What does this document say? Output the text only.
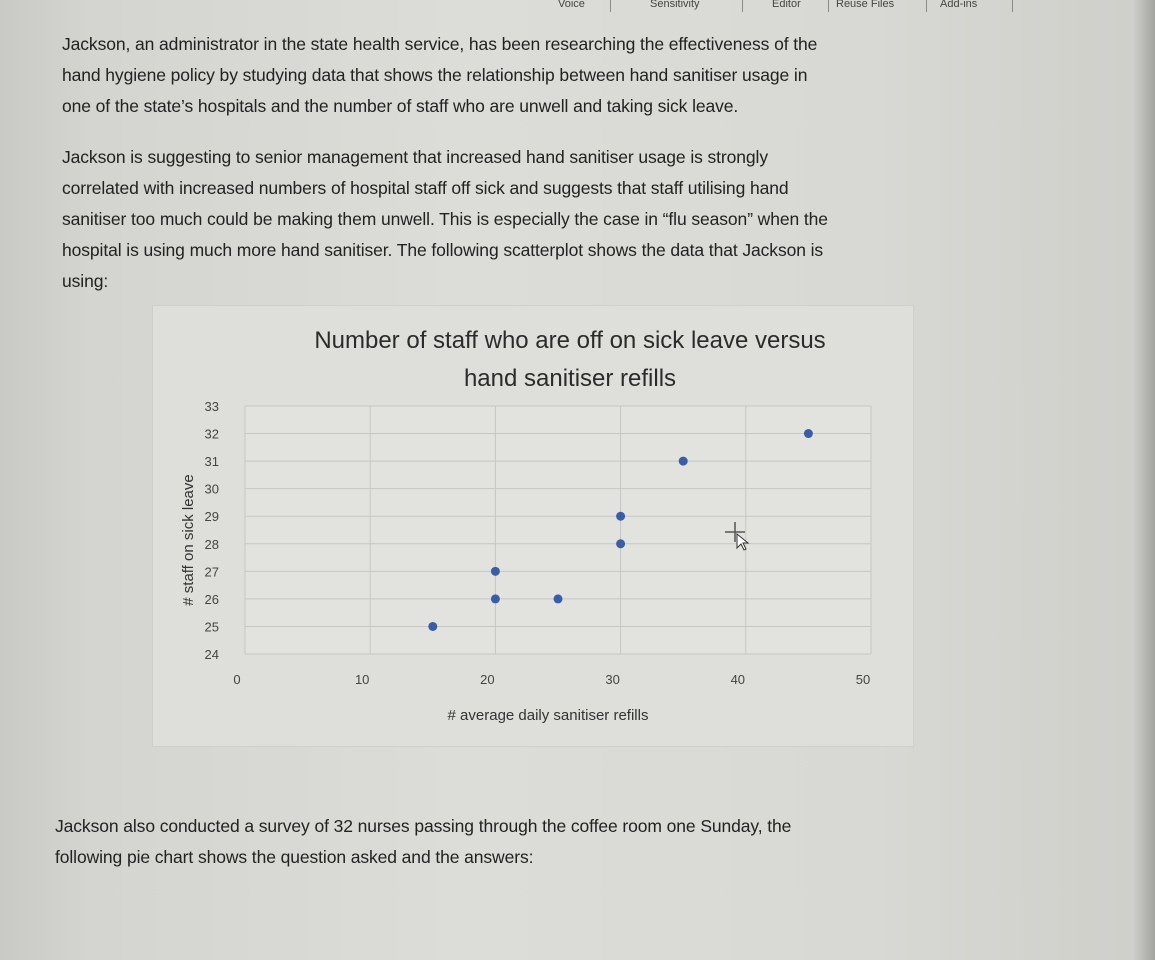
Voice	Sensitivity	Editor	Reuse Files	Add-ins
Jackson, an administrator in the state health service, has been researching the effectiveness of the
hand hygiene policy by studying data that shows the relationship between hand sanitiser usage in
one of the state’s hospitals and the number of staff who are unwell and taking sick leave.
Jackson is suggesting to senior management that increased hand sanitiser usage is strongly
correlated with increased numbers of hospital staff off sick and suggests that staff utilising hand
sanitiser too much could be making them unwell. This is especially the case in “flu season” when the
hospital is using much more hand sanitiser. The following scatterplot shows the data that Jackson is
using:
Number of staff who are off on sick leave versus
hand sanitiser refills
24
25
26
27
28
29
30
31
32
33
0	10	20	30	40	50
# average daily sanitiser refills
# staff on sick leave
Jackson also conducted a survey of 32 nurses passing through the coffee room one Sunday, the
following pie chart shows the question asked and the answers:
